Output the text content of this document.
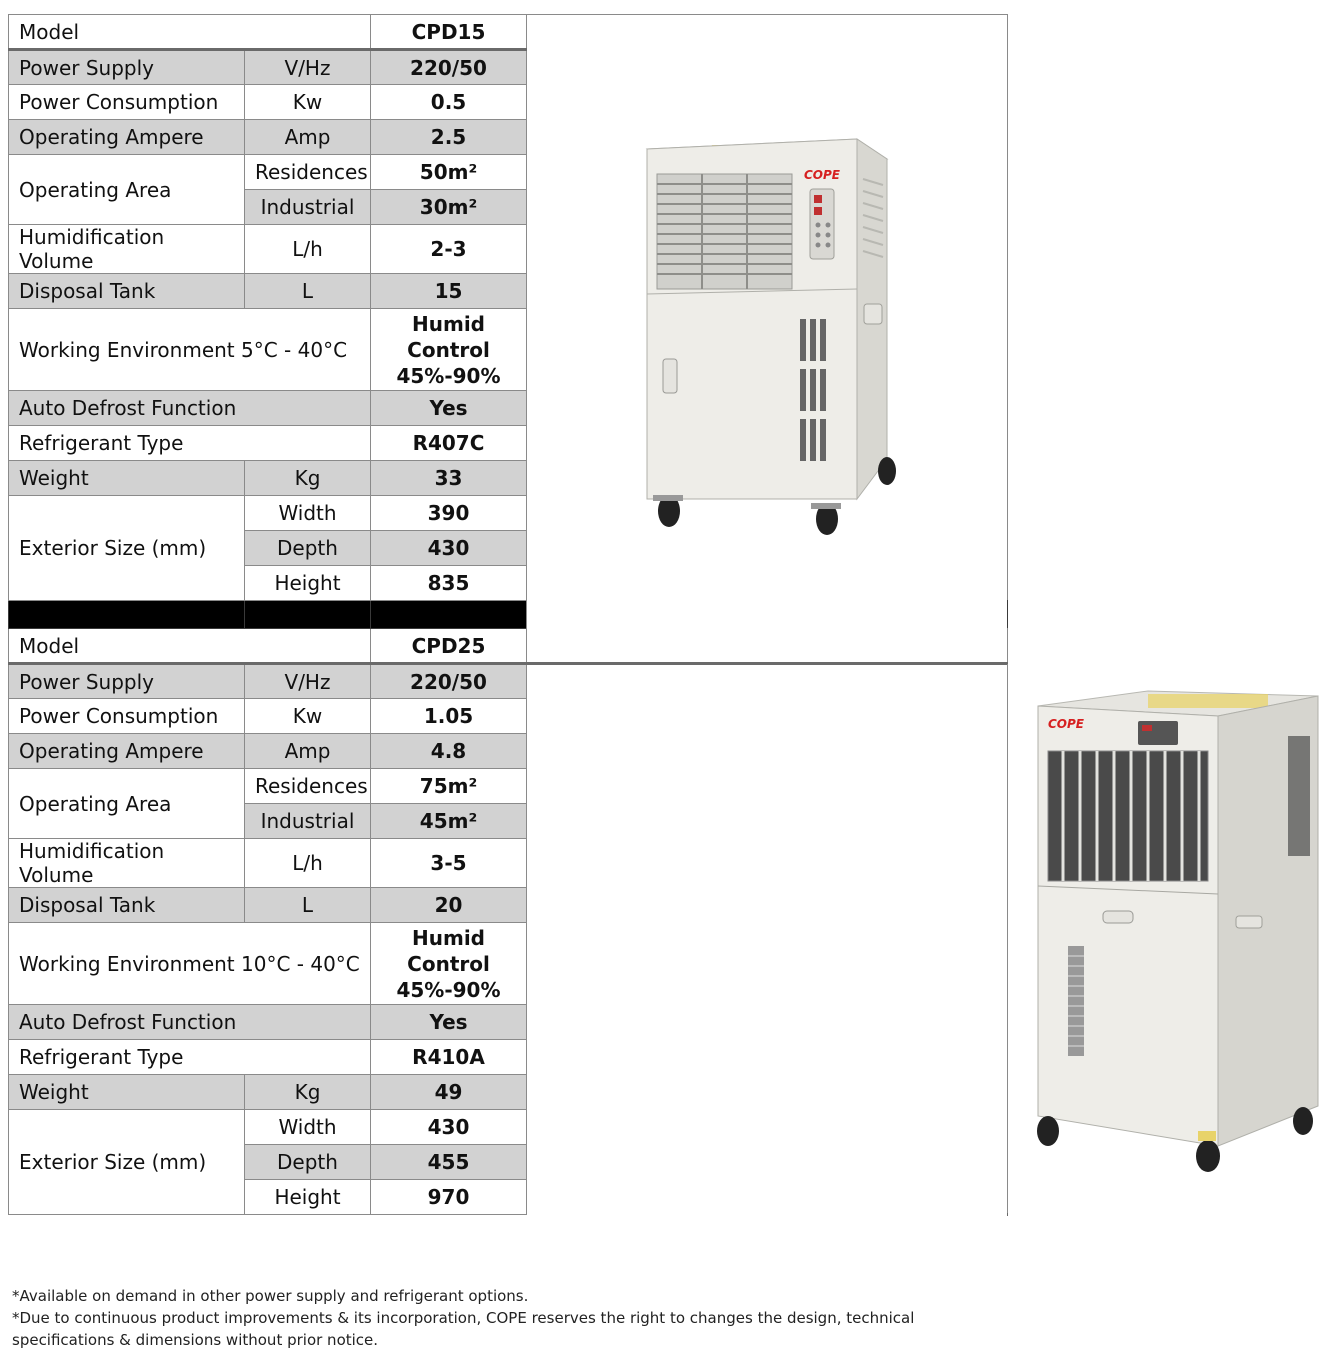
Model		CPD15	COPE	

Power Supply	V/Hz	220/50		
Power Consumption	Kw	0.5		
Operating Ampere	Amp	2.5		
Operating Area	Residences	50m²		
	Industrial	30m²		
Humidification Volume	L/h	2-3		
Disposal Tank	L	15		
Working Environment 5°C - 40°C		Humid
Control
45%-90%		

Auto Defrost Function		Yes		
Refrigerant Type		R407C		
Weight	Kg	33		
Exterior Size (mm)	Width	390		
	Depth	430		
	Height	835		

Model		CPD25		COPE

Power Supply	V/Hz	220/50		
Power Consumption	Kw	1.05		
Operating Ampere	Amp	4.8		
Operating Area	Residences	75m²		
	Industrial	45m²		
Humidification Volume	L/h	3-5		
Disposal Tank	L	20		
Working Environment 10°C - 40°C		Humid
Control
45%-90%		

Auto Defrost Function		Yes		
Refrigerant Type		R410A		
Weight	Kg	49		
Exterior Size (mm)	Width	430		
	Depth	455		
	Height	970		

*Available on demand in other power supply and refrigerant options.

*Due to continuous product improvements & its incorporation, COPE reserves the right to changes the design, technical specifications & dimensions without prior notice.
